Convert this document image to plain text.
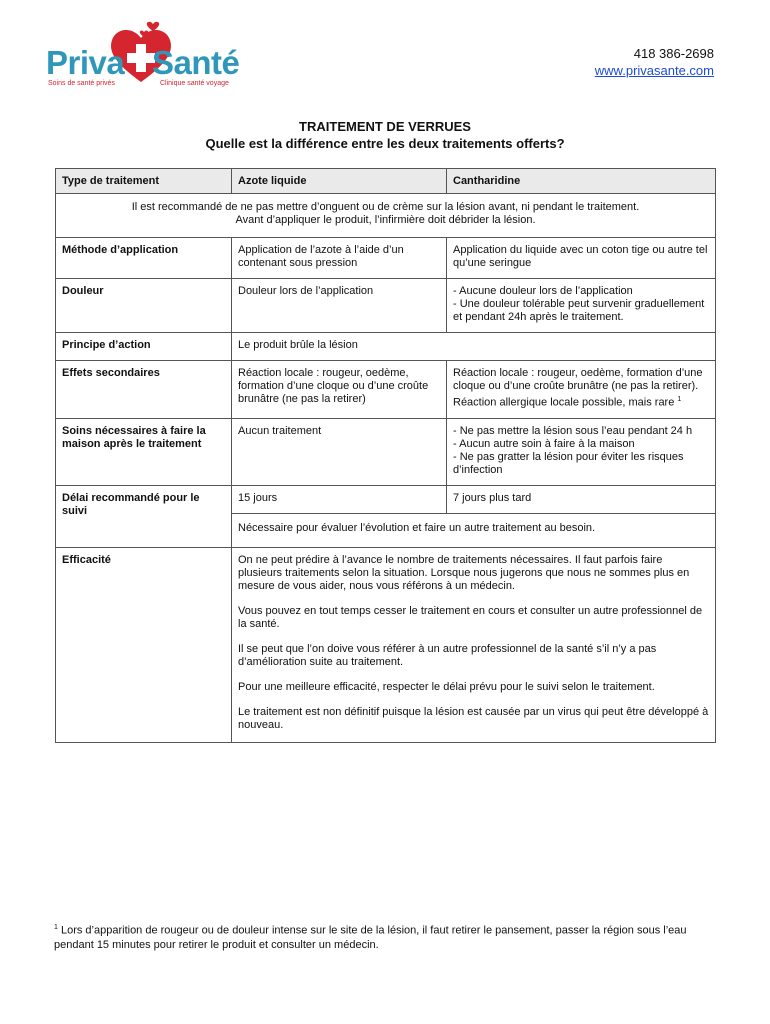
Priva Santé
Soins de santé privés	Clinique santé voyage
418 386-2698
www.privasante.com
TRAITEMENT DE VERRUES
Quelle est la différence entre les deux traitements offerts?
Type de traitement	Azote liquide	Cantharidine

Il est recommandé de ne pas mettre d’onguent ou de crème sur la lésion avant, ni pendant le traitement.
Avant d’appliquer le produit, l’infirmière doit débrider la lésion.		

Méthode d’application	Application de l’azote à l’aide d’un contenant sous pression	Application du liquide avec un coton tige ou autre tel qu’une seringue
Douleur	Douleur lors de l’application	- Aucune douleur lors de l’application
- Une douleur tolérable peut survenir graduellement et pendant 24h après le traitement.

Principe d’action	Le produit brûle la lésion	
Effets secondaires	Réaction locale : rougeur, oedème, formation d’une cloque ou d’une croûte brunâtre (ne pas la retirer)	Réaction locale : rougeur, oedème, formation d’une cloque ou d’une croûte brunâtre (ne pas la retirer).
Réaction allergique locale possible, mais rare $^1$

Soins nécessaires à faire la maison après le traitement	Aucun traitement	- Ne pas mettre la lésion sous l’eau pendant 24 h
- Aucun autre soin à faire à la maison
- Ne pas gratter la lésion pour éviter les risques d’infection

Délai recommandé pour le suivi	15 jours	7 jours plus tard
	Nécessaire pour évaluer l’évolution et faire un autre traitement au besoin.	
Efficacité	On ne peut prédire à l’avance le nombre de traitements nécessaires. Il faut parfois faire plusieurs traitements selon la situation. Lorsque nous jugerons que nous ne sommes plus en mesure de vous aider, nous vous référons à un médecin.

Vous pouvez en tout temps cesser le traitement en cours et consulter un autre professionnel de la santé.

Il se peut que l’on doive vous référer à un autre professionnel de la santé s’il n’y a pas d’amélioration suite au traitement.

Pour une meilleure efficacité, respecter le délai prévu pour le suivi selon le traitement.

Le traitement est non définitif puisque la lésion est causée par un virus qui peut être développé à nouveau.	

$^1$ Lors d’apparition de rougeur ou de douleur intense sur le site de la lésion, il faut retirer le pansement, passer la région sous l’eau pendant 15 minutes pour retirer le produit et consulter un médecin.
